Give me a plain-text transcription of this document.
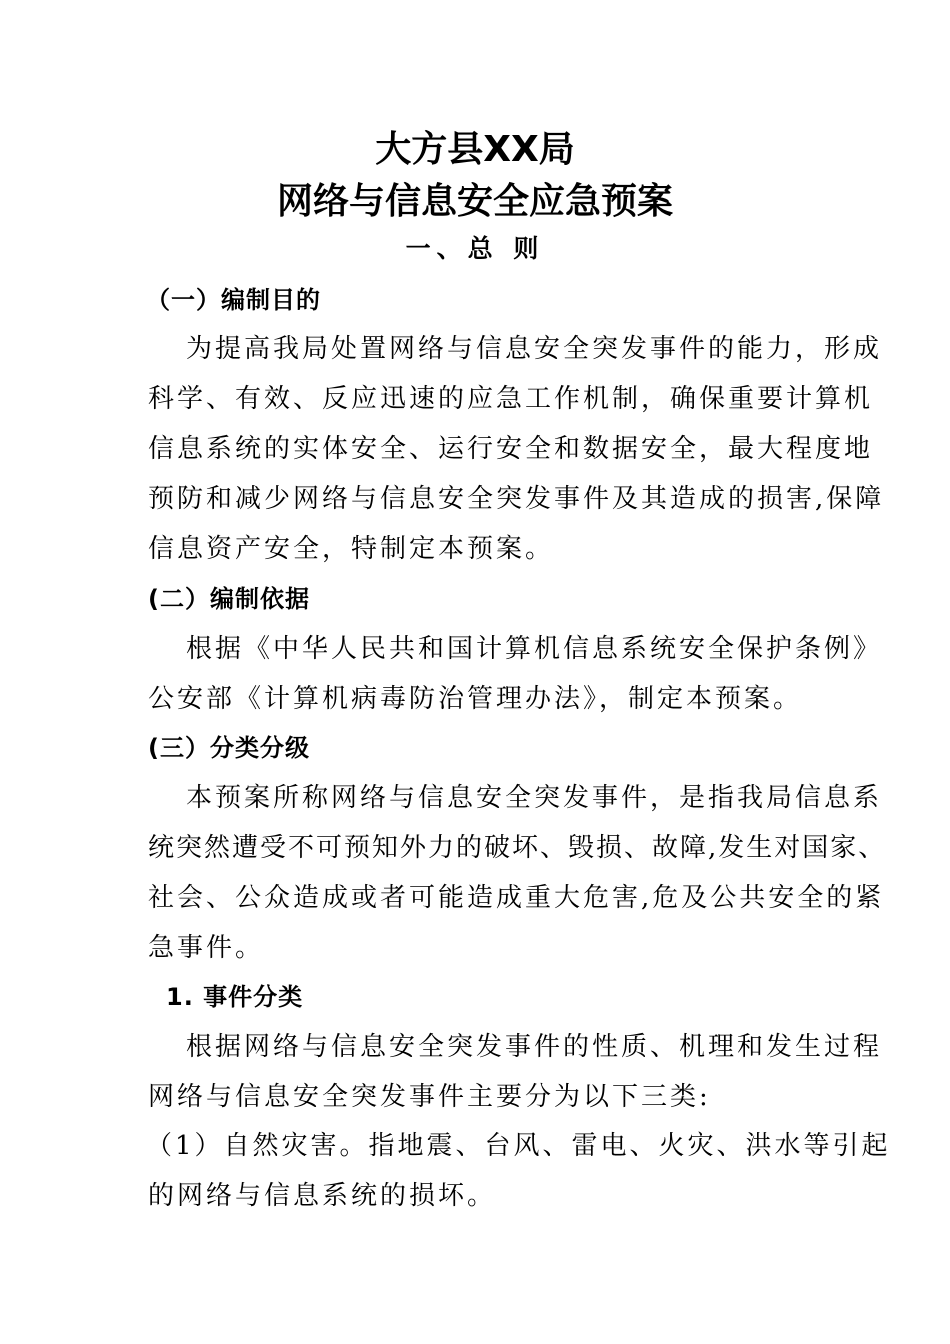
大方县XX局
网络与信息安全应急预案
一、总 则
（一）编制目的

为提高我局处置网络与信息安全突发事件的能力，形成

科学、有效、反应迅速的应急工作机制，确保重要计算机

信息系统的实体安全、运行安全和数据安全，最大程度地

预防和减少网络与信息安全突发事件及其造成的损害,保障

信息资产安全，特制定本预案。

(二）编制依据

根据《中华人民共和国计算机信息系统安全保护条例》

公安部《计算机病毒防治管理办法》，制定本预案。

(三）分类分级

本预案所称网络与信息安全突发事件，是指我局信息系

统突然遭受不可预知外力的破坏、毁损、故障,发生对国家、

社会、公众造成或者可能造成重大危害,危及公共安全的紧

急事件。

1. 事件分类

根据网络与信息安全突发事件的性质、机理和发生过程

网络与信息安全突发事件主要分为以下三类:

（1）自然灾害。指地震、台风、雷电、火灾、洪水等引起

的网络与信息系统的损坏。
